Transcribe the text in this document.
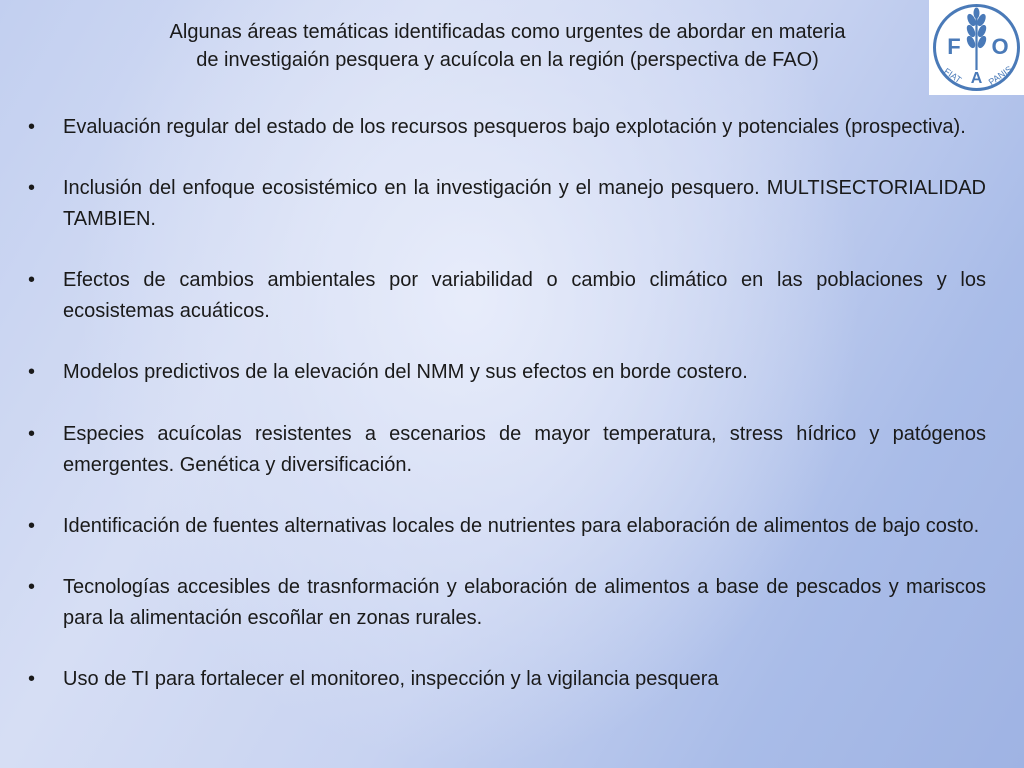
Algunas áreas temáticas identificadas como urgentes de abordar en materia
de investigaión pesquera y acuícola en la región (perspectiva de FAO)
F
A
O
FIAT	PANIS
• Evaluación regular del estado de los recursos pesqueros bajo explotación y potenciales (prospectiva).
• Inclusión del enfoque ecosistémico en la investigación y el manejo pesquero. MULTISECTORIALIDAD TAMBIEN.
• Efectos de cambios ambientales por variabilidad o cambio climático en las poblaciones y los ecosistemas acuáticos.
• Modelos predictivos de la elevación del NMM y sus efectos en borde costero.
• Especies acuícolas resistentes a escenarios de mayor temperatura, stress hídrico y patógenos emergentes. Genética y diversificación.
• Identificación de fuentes alternativas locales de nutrientes para elaboración de alimentos de bajo costo.
• Tecnologías accesibles de trasnformación y elaboración de alimentos a base de pescados y mariscos para la alimentación escoñlar en zonas rurales.
• Uso de TI para fortalecer el monitoreo, inspección y la vigilancia pesquera
